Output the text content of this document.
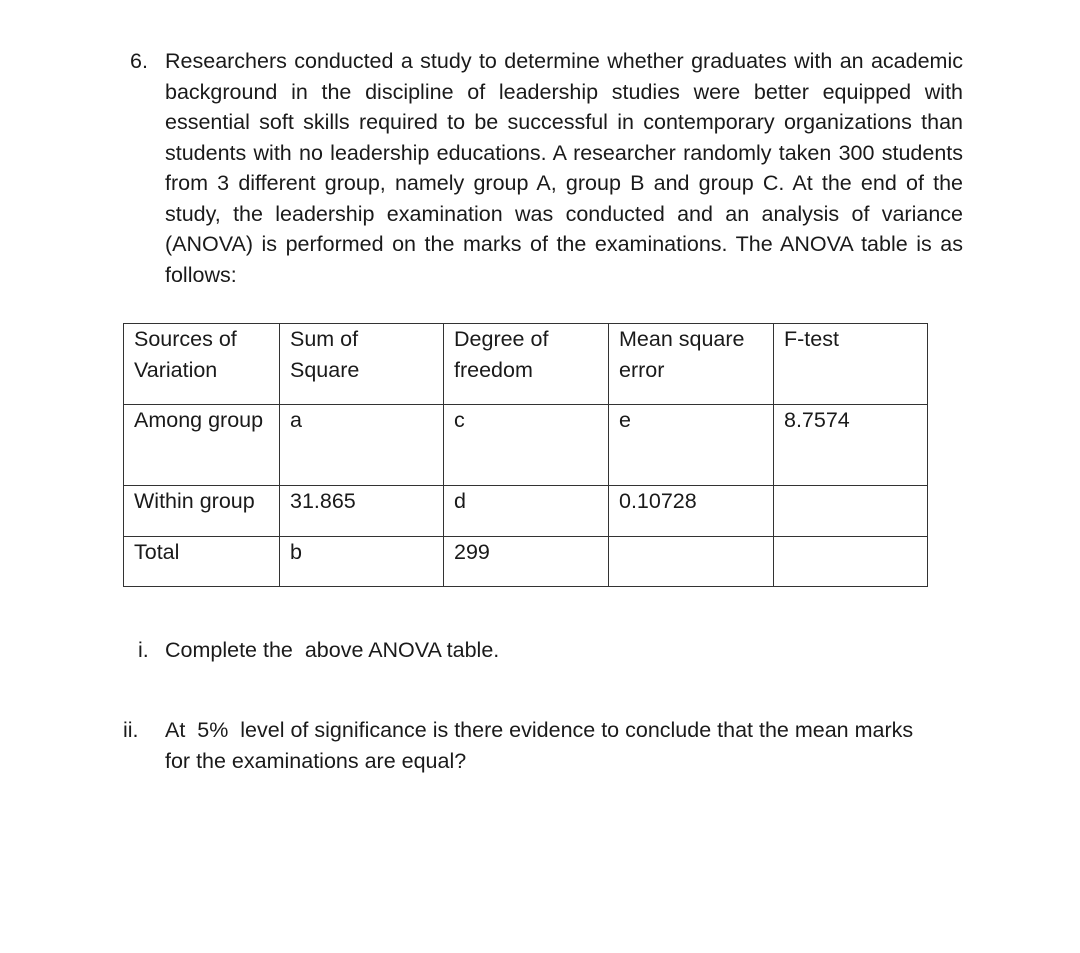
6. Researchers conducted a study to determine whether graduates with an academic background in the discipline of leadership studies were better equipped with essential soft skills required to be successful in contemporary organizations than students with no leadership educations. A researcher randomly taken 300 students from 3 different group, namely group A, group B and group C. At the end of the study, the leadership examination was conducted and an analysis of variance (ANOVA) is performed on the marks of the examinations. The ANOVA table is as follows:
Sources of Variation	Sum of Square	Degree of freedom	Mean square error	F-test
Among group	a	c	e	8.7574
Within group	31.865	d	0.10728	
Total	b	299		
i. Complete the  above ANOVA table.
ii. At  5%  level of significance is there evidence to conclude that the mean marks for the examinations are equal?
